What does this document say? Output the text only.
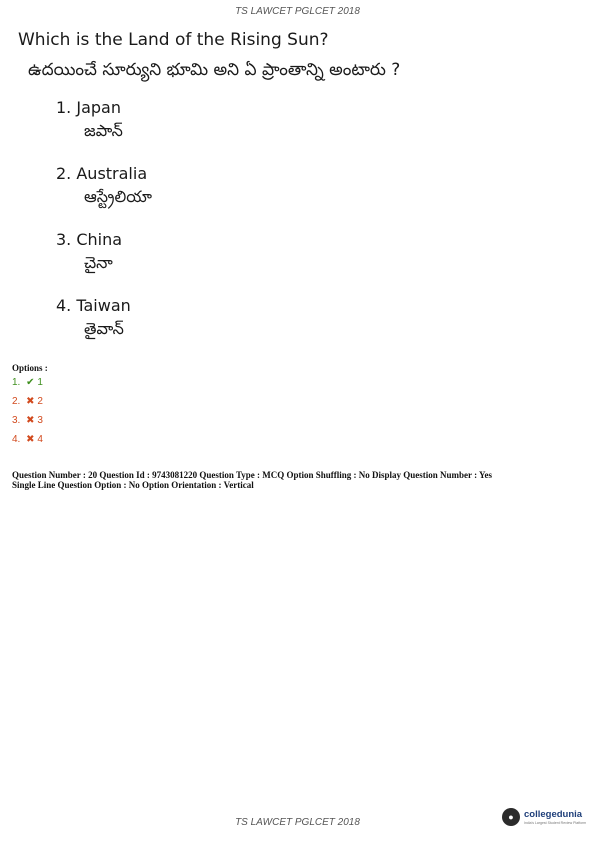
TS LAWCET PGLCET 2018
Which is the Land of the Rising Sun?
ఉదయించే సూర్యుని భూమి అని ఏ ప్రాంతాన్ని అంటారు ?
1. Japan
జపాన్
2. Australia
ఆస్ట్రేలియా
3. China
చైనా
4. Taiwan
తైవాన్
Options :
1. ✔ 1
2. ✖ 2
3. ✖ 3
4. ✖ 4
Question Number : 20 Question Id : 9743081220 Question Type : MCQ Option Shuffling : No Display Question Number : Yes
Single Line Question Option : No Option Orientation : Vertical
TS LAWCET PGLCET 2018	●	collegedunia
India's Largest Student Review Platform
